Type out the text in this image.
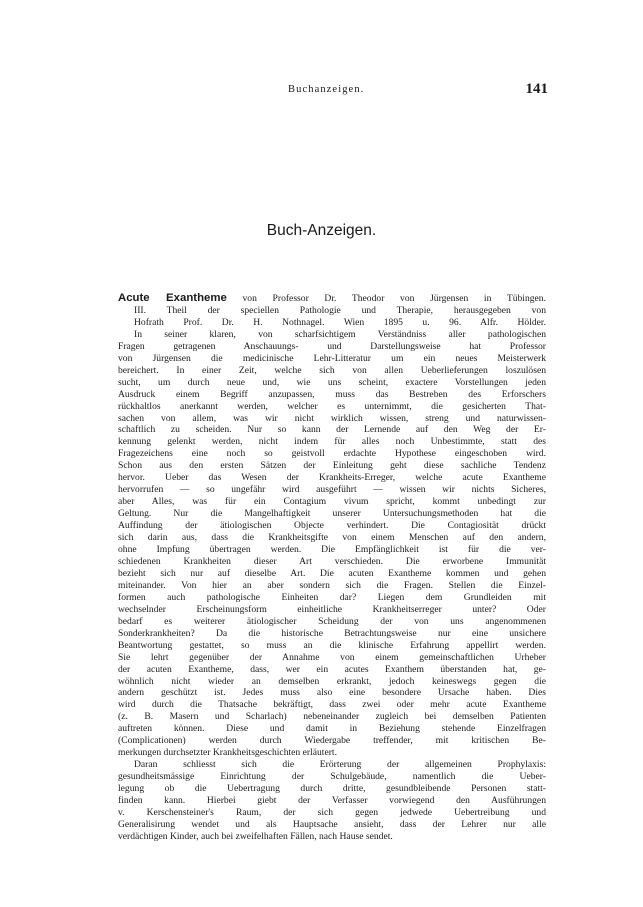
Buchanzeigen.	141
Buch-Anzeigen.
Acute Exantheme von Professor Dr. Theodor von Jürgensen in Tübingen.
III. Theil der speciellen Pathologie und Therapie, herausgegeben von
Hofrath Prof. Dr. H. Nothnagel. Wien 1895 u. 96. Alfr. Hölder.
In seiner klaren, von scharfsichtigem Verständniss aller pathologischen
Fragen getragenen Anschauungs- und Darstellungsweise hat Professor
von Jürgensen die medicinische Lehr-Litteratur um ein neues Meisterwerk
bereichert. In einer Zeit, welche sich von allen Ueberlieferungen loszulösen
sucht, um durch neue und, wie uns scheint, exactere Vorstellungen jeden
Ausdruck einem Begriff anzupassen, muss das Bestreben des Erforschers
rückhaltlos anerkannt werden, welcher es unternimmt, die gesicherten That-
sachen von allem, was wir nicht wirklich wissen, streng und naturwissen-
schaftlich zu scheiden. Nur so kann der Lernende auf den Weg der Er-
kennung gelenkt werden, nicht indem für alles noch Unbestimmte, statt des
Fragezeichens eine noch so geistvoll erdachte Hypothese eingeschoben wird.
Schon aus den ersten Sätzen der Einleitung geht diese sachliche Tendenz
hervor. Ueber das Wesen der Krankheits-Erreger, welche acute Exantheme
hervorrufen — so ungefähr wird ausgeführt — wissen wir nichts Sicheres,
aber Alles, was für ein Contagium vivum spricht, kommt unbedingt zur
Geltung. Nur die Mangelhaftigkeit unserer Untersuchungsmethoden hat die
Auffindung der ätiologischen Objecte verhindert. Die Contagiosität drückt
sich darin aus, dass die Krankheitsgifte von einem Menschen auf den andern,
ohne Impfung übertragen werden. Die Empfänglichkeit ist für die ver-
schiedenen Krankheiten dieser Art verschieden. Die erworbene Immunität
bezieht sich nur auf dieselbe Art. Die acuten Exantheme kommen und gehen
miteinander. Von hier an aber sondern sich die Fragen. Stellen die Einzel-
formen auch pathologische Einheiten dar? Liegen dem Grundleiden mit
wechselnder Erscheinungsform einheitliche Krankheitserreger unter? Oder
bedarf es weiterer ätiologischer Scheidung der von uns angenommenen
Sonderkrankheiten? Da die historische Betrachtungsweise nur eine unsichere
Beantwortung gestattet, so muss an die klinische Erfahrung appellirt werden.
Sie lehrt gegenüber der Annahme von einem gemeinschaftlichen Urheber
der acuten Exantheme, dass, wer ein acutes Exanthem überstanden hat, ge-
wöhnlich nicht wieder an demselben erkrankt, jedoch keineswegs gegen die
andern geschützt ist. Jedes muss also eine besondere Ursache haben. Dies
wird durch die Thatsache bekräftigt, dass zwei oder mehr acute Exantheme
(z. B. Masern und Scharlach) nebeneinander zugleich bei demselben Patienten
auftreten können. Diese und damit in Beziehung stehende Einzelfragen
(Complicationen) werden durch Wiedergabe treffender, mit kritischen Be-
merkungen durchsetzter Krankheitsgeschichten erläutert.
Daran schliesst sich die Erörterung der allgemeinen Prophylaxis:
gesundheitsmässige Einrichtung der Schulgebäude, namentlich die Ueber-
legung ob die Uebertragung durch dritte, gesundbleibende Personen statt-
finden kann. Hierbei giebt der Verfasser vorwiegend den Ausführungen
v. Kerschensteiner's Raum, der sich gegen jedwede Uebertreibung und
Generalisirung wendet und als Hauptsache ansieht, dass der Lehrer nur alle
verdächtigen Kinder, auch bei zweifelhaften Fällen, nach Hause sendet.
